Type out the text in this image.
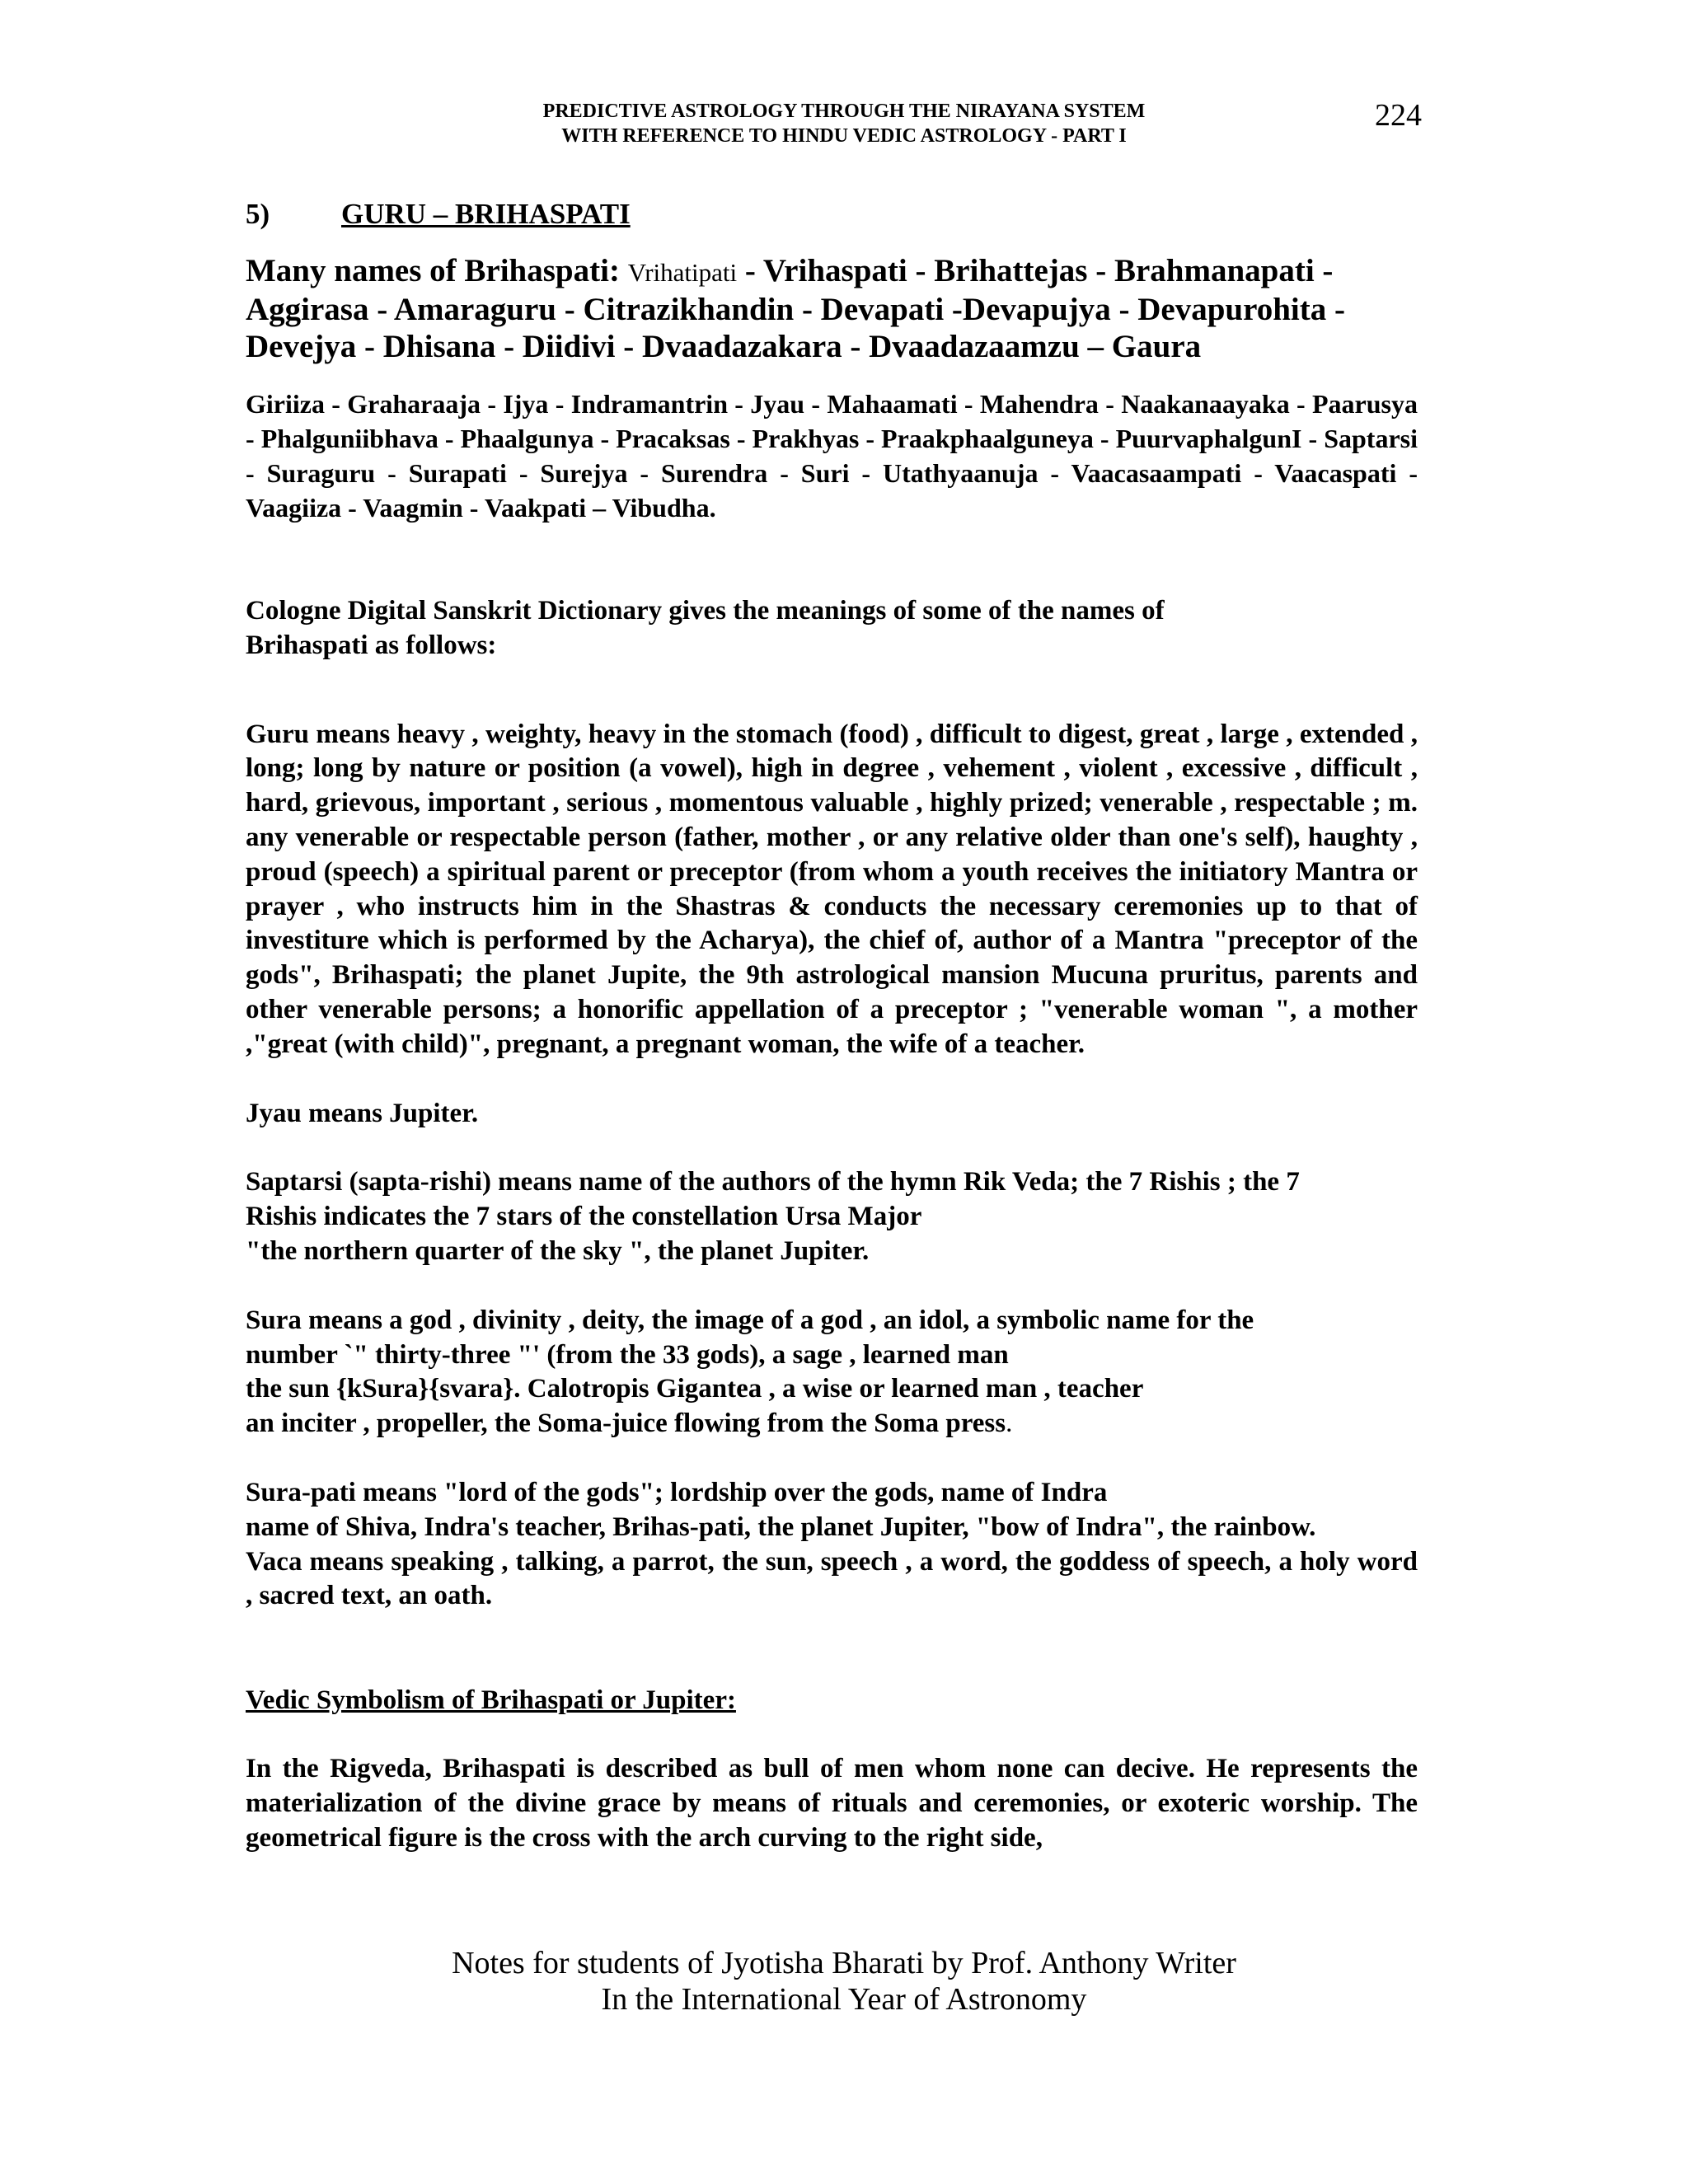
PREDICTIVE ASTROLOGY THROUGH THE NIRAYANA SYSTEM
WITH REFERENCE TO HINDU VEDIC ASTROLOGY - PART I
224

5) GURU – BRIHASPATI

Many names of Brihaspati: Vrihatipati - Vrihaspati - Brihattejas - Brahmanapati - Aggirasa - Amaraguru - Citrazikhandin - Devapati -Devapujya - Devapurohita - Devejya - Dhisana - Diidivi - Dvaadazakara - Dvaadazaamzu – Gaura

Giriiza - Graharaaja - Ijya - Indramantrin - Jyau - Mahaamati - Mahendra - Naakanaayaka - Paarusya - Phalguniibhava - Phaalgunya - Pracaksas - Prakhyas - Praakphaalguneya - PuurvaphalgunI - Saptarsi - Suraguru - Surapati - Surejya - Surendra - Suri - Utathyaanuja - Vaacasaampati - Vaacaspati - Vaagiiza - Vaagmin - Vaakpati – Vibudha.

Cologne Digital Sanskrit Dictionary gives the meanings of some of the names of
Brihaspati as follows:

Guru means heavy , weighty, heavy in the stomach (food) , difficult to digest, great , large , extended , long; long by nature or position (a vowel), high in degree , vehement , violent , excessive , difficult , hard, grievous, important , serious , momentous valuable , highly prized; venerable , respectable ; m. any venerable or respectable person (father, mother , or any relative older than one's self), haughty , proud (speech) a spiritual parent or preceptor (from whom a youth receives the initiatory Mantra or prayer , who instructs him in the Shastras & conducts the necessary ceremonies up to that of investiture which is performed by the Acharya), the chief of, author of a Mantra "preceptor of the gods", Brihaspati; the planet Jupite, the 9th astrological mansion Mucuna pruritus, parents and other venerable persons; a honorific appellation of a preceptor ; "venerable woman ", a mother ,"great (with child)", pregnant, a pregnant woman, the wife of a teacher.

Jyau means Jupiter.

Saptarsi (sapta-rishi) means name of the authors of the hymn Rik Veda; the 7 Rishis ; the 7
Rishis indicates the 7 stars of the constellation Ursa Major
"the northern quarter of the sky ", the planet Jupiter.

Sura means a god , divinity , deity, the image of a god , an idol, a symbolic name for the
number `" thirty-three "' (from the 33 gods), a sage , learned man
the sun {kSura}{svara}. Calotropis Gigantea , a wise or learned man , teacher
an inciter , propeller, the Soma-juice flowing from the Soma press.

Sura-pati means "lord of the gods"; lordship over the gods, name of Indra
name of Shiva, Indra's teacher, Brihas-pati, the planet Jupiter, "bow of Indra", the rainbow.

Vaca means speaking , talking, a parrot, the sun, speech , a word, the goddess of speech, a holy word , sacred text, an oath.

Vedic Symbolism of Brihaspati or Jupiter:

In the Rigveda, Brihaspati is described as bull of men whom none can decive. He represents the materialization of the divine grace by means of rituals and ceremonies, or exoteric worship. The geometrical figure is the cross with the arch curving to the right side,

Notes for students of Jyotisha Bharati by Prof. Anthony Writer
In the International Year of Astronomy
